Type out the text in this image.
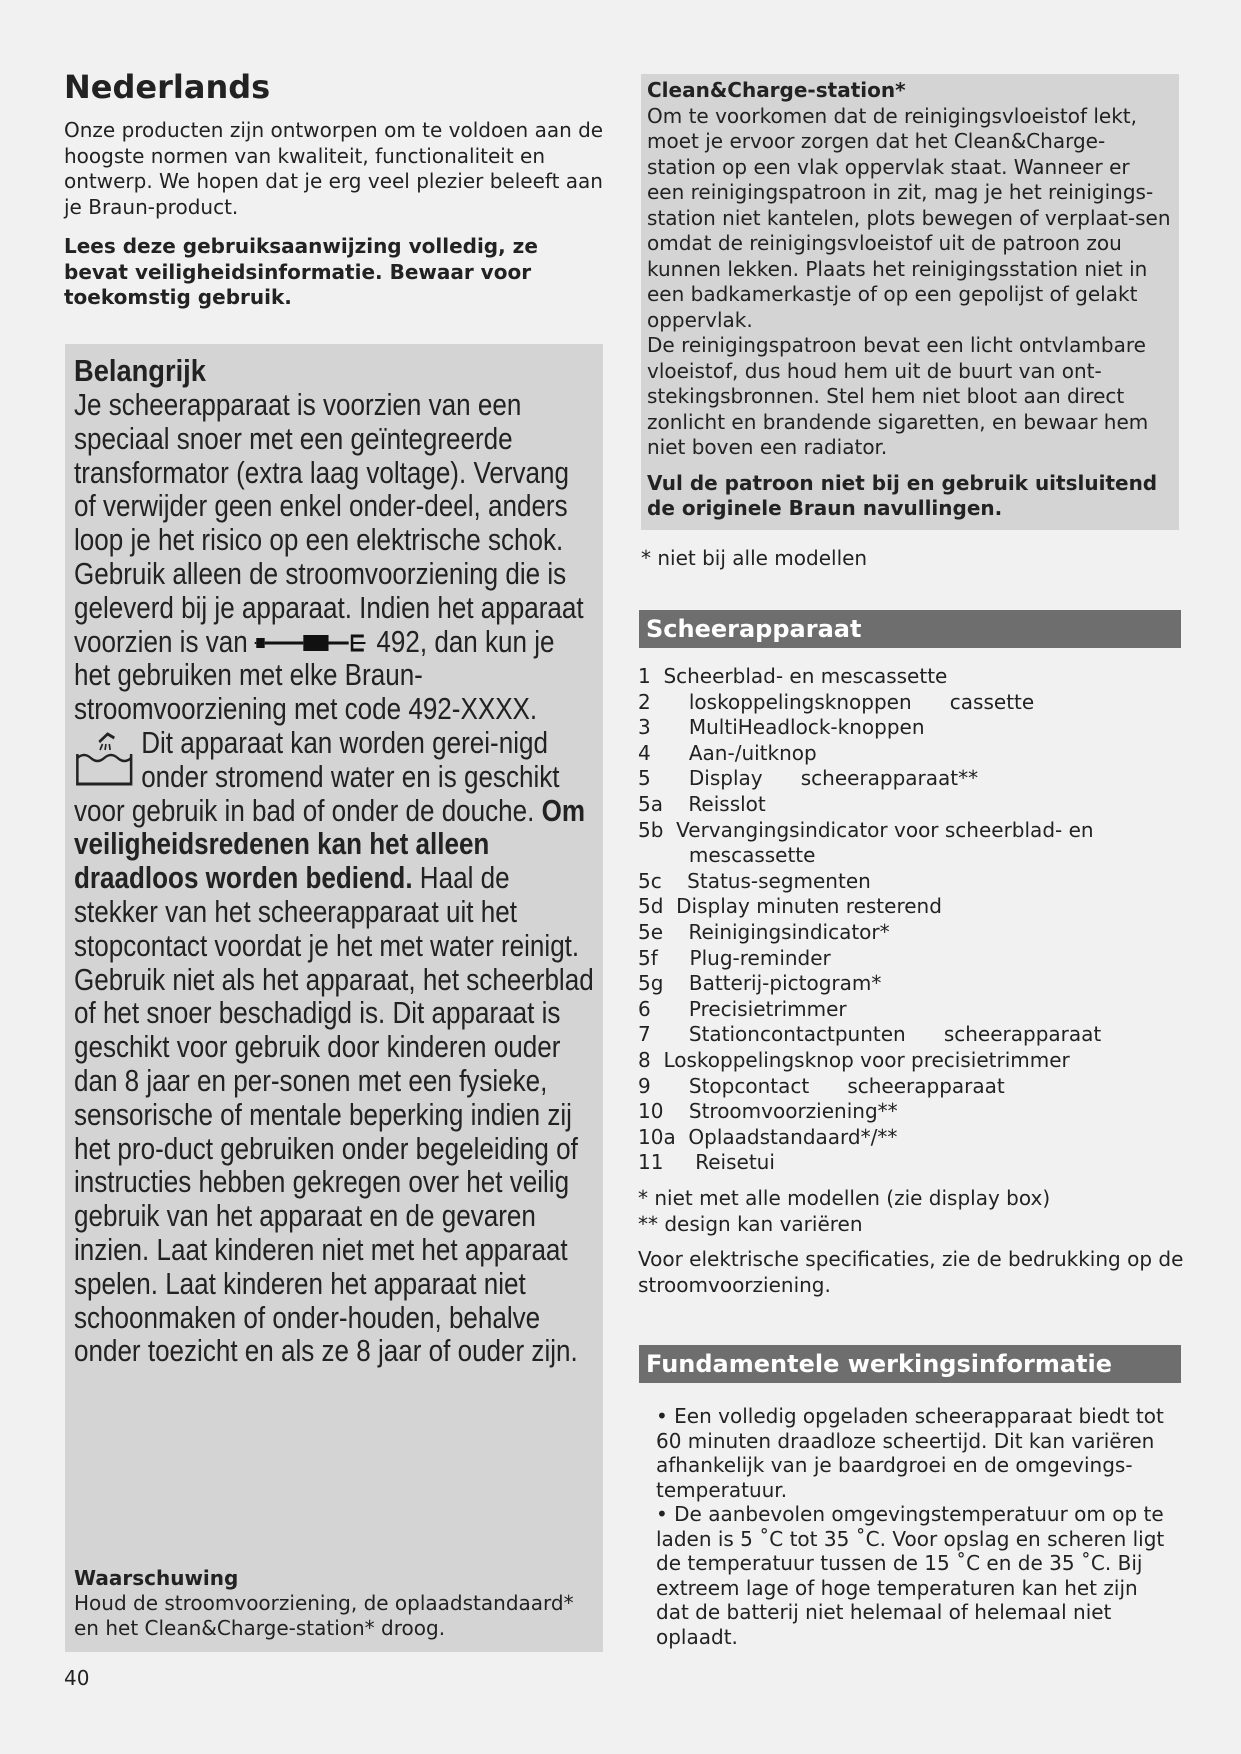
Nederlands

Onze producten zijn ontworpen om te voldoen aan de hoogste normen van kwaliteit, functionaliteit en ontwerp. We hopen dat je erg veel plezier beleeft aan je Braun-product.

Lees deze gebruiksaanwijzing volledig, ze bevat veiligheidsinformatie. Bewaar voor toekomstig gebruik.

Belangrijk
Je scheerapparaat is voorzien van een speciaal snoer met een geïntegreerde transformator (extra laag voltage). Vervang of verwijder geen enkel onder-deel, anders loop je het risico op een elektrische schok. Gebruik alleen de stroomvoorziening die is geleverd bij je apparaat. Indien het apparaat voorzien is van	492, dan kun je het gebruiken met elke Braun-stroomvoorziening met code 492-XXXX.
Dit apparaat kan worden gerei-nigd onder stromend water en is geschikt voor gebruik in bad of onder de douche. Om veiligheidsredenen kan het alleen draadloos worden bediend. Haal de stekker van het scheerapparaat uit het stopcontact voordat je het met water reinigt.
Gebruik niet als het apparaat, het scheerblad of het snoer beschadigd is. Dit apparaat is geschikt voor gebruik door kinderen ouder dan 8 jaar en per-sonen met een fysieke, sensorische of mentale beperking indien zij het pro-duct gebruiken onder begeleiding of instructies hebben gekregen over het veilig gebruik van het apparaat en de gevaren inzien. Laat kinderen niet met het apparaat spelen. Laat kinderen het apparaat niet schoonmaken of onder-houden, behalve onder toezicht en als ze 8 jaar of ouder zijn.
Waarschuwing
Houd de stroomvoorziening, de oplaadstandaard* en het Clean&Charge-station* droog.
40
Clean&Charge-station*
Om te voorkomen dat de reinigingsvloeistof lekt, moet je ervoor zorgen dat het Clean&Charge-station op een vlak oppervlak staat. Wanneer er een reinigingspatroon in zit, mag je het reinigings-station niet kantelen, plots bewegen of verplaat-sen omdat de reinigingsvloeistof uit de patroon zou kunnen lekken. Plaats het reinigingsstation niet in een badkamerkastje of op een gepolijst of gelakt oppervlak.
De reinigingspatroon bevat een licht ontvlambare vloeistof, dus houd hem uit de buurt van ont-stekingsbronnen. Stel hem niet bloot aan direct zonlicht en brandende sigaretten, en bewaar hem niet boven een radiator.
Vul de patroon niet bij en gebruik uitsluitend de originele Braun navullingen.
* niet bij alle modellen
Scheerapparaat
1  Scheerblad- en mescassette
2      loskoppelingsknoppen      cassette
3      MultiHeadlock-knoppen
4      Aan-/uitknop
5      Display      scheerapparaat**
5a    Reisslot
5b  Vervangingsindicator voor scheerblad- en
mescassette
5c    Status-segmenten
5d  Display minuten resterend
5e    Reinigingsindicator*
5f     Plug-reminder
5g    Batterij-pictogram*
6      Precisietrimmer
7      Stationcontactpunten      scheerapparaat
8  Loskoppelingsknop voor precisietrimmer
9      Stopcontact      scheerapparaat
10    Stroomvoorziening**
10a  Oplaadstandaard*/**
11     Reisetui
* niet met alle modellen (zie display box)
** design kan variëren
Voor elektrische specificaties, zie de bedrukking op de stroomvoorziening.
Fundamentele werkingsinformatie
• Een volledig opgeladen scheerapparaat biedt tot 60 minuten draadloze scheertijd. Dit kan variëren afhankelijk van je baardgroei en de omgevings-temperatuur.
• De aanbevolen omgevingstemperatuur om op te laden is 5 ˚C tot 35 ˚C. Voor opslag en scheren ligt de temperatuur tussen de 15 ˚C en de 35 ˚C. Bij extreem lage of hoge temperaturen kan het zijn dat de batterij niet helemaal of helemaal niet oplaadt.
